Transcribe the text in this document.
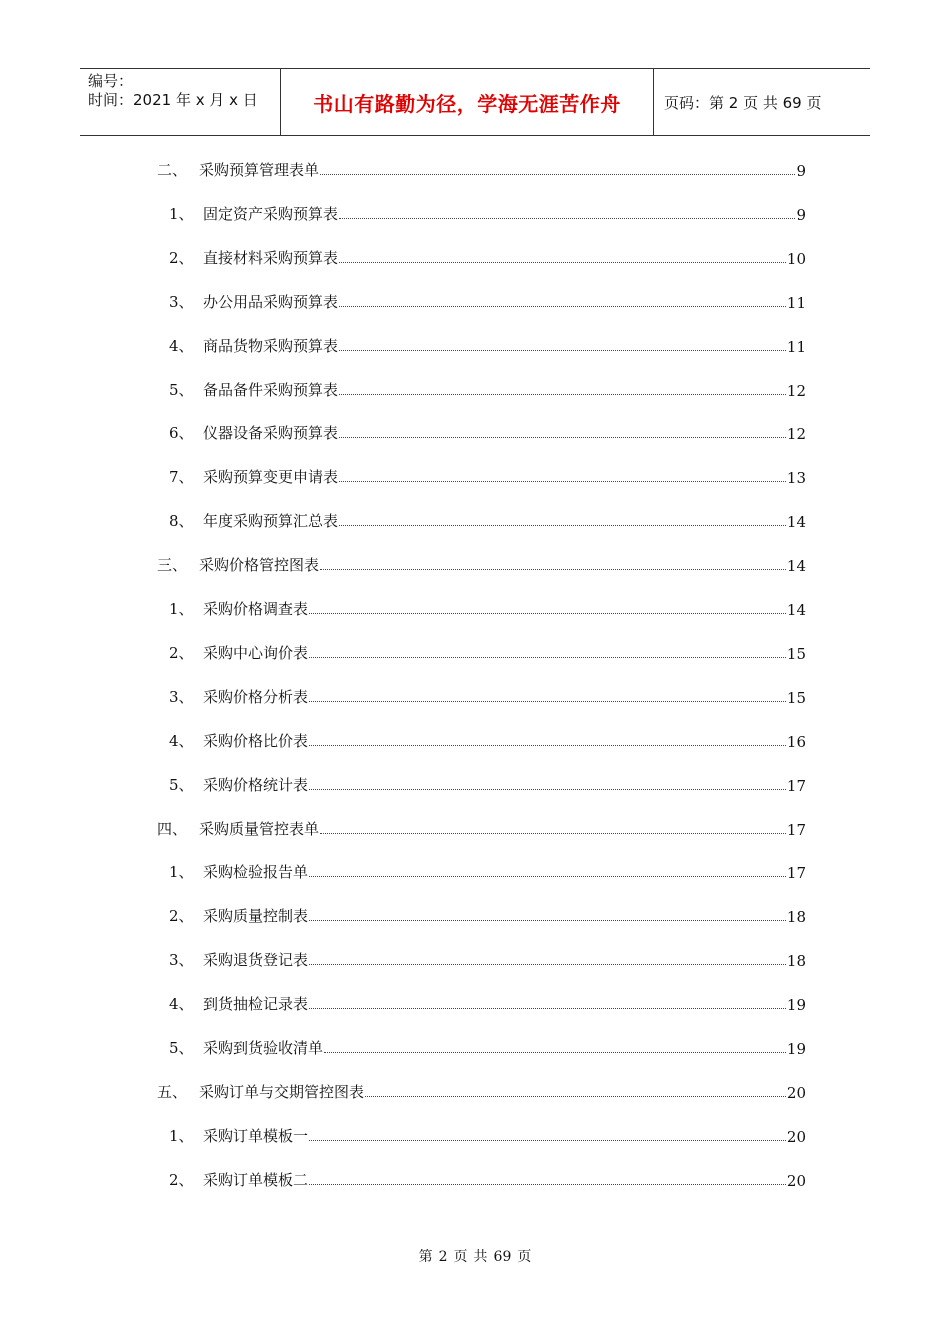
编号：
时间：2021 年 x 月 x 日	书山有路勤为径，学海无涯苦作舟	页码：第 2 页 共 69 页
二、 采购预算管理表单	9
1、 固定资产采购预算表	9
2、 直接材料采购预算表	10
3、 办公用品采购预算表	11
4、 商品货物采购预算表	11
5、 备品备件采购预算表	12
6、 仪器设备采购预算表	12
7、 采购预算变更申请表	13
8、 年度采购预算汇总表	14
三、 采购价格管控图表	14
1、 采购价格调查表	14
2、 采购中心询价表	15
3、 采购价格分析表	15
4、 采购价格比价表	16
5、 采购价格统计表	17
四、 采购质量管控表单	17
1、 采购检验报告单	17
2、 采购质量控制表	18
3、 采购退货登记表	18
4、 到货抽检记录表	19
5、 采购到货验收清单	19
五、 采购订单与交期管控图表	20
1、 采购订单模板一	20
2、 采购订单模板二	20
第 2 页 共 69 页
